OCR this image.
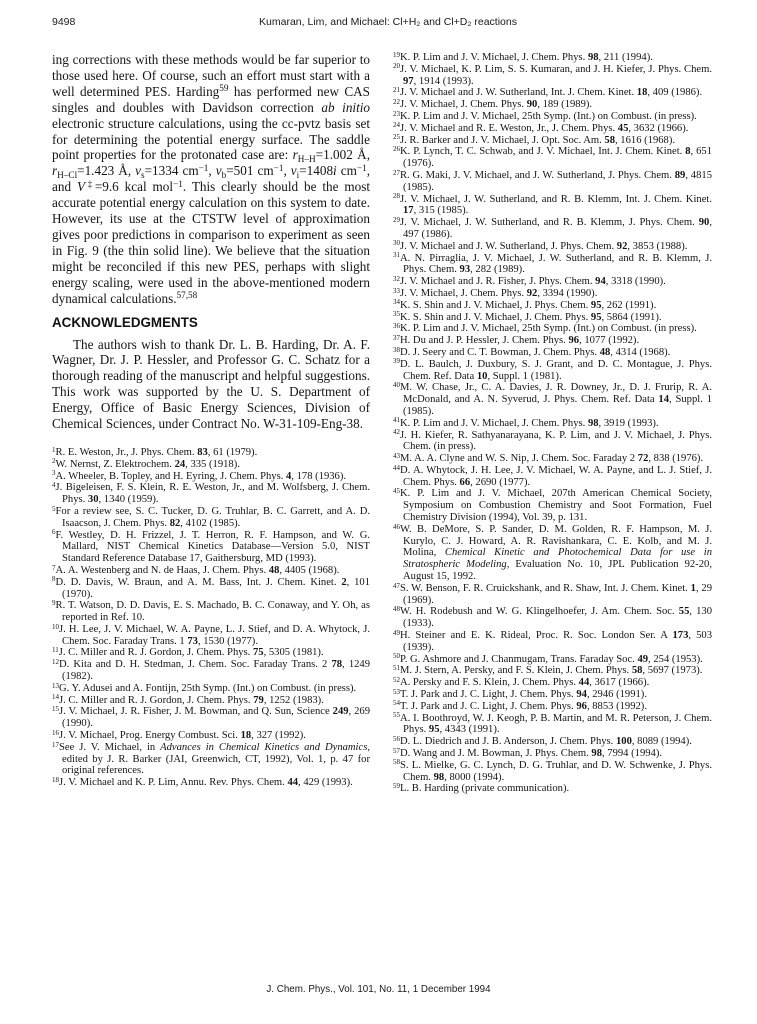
9498	Kumaran, Lim, and Michael: Cl+H₂ and Cl+D₂ reactions

ing corrections with these methods would be far superior to those used here. Of course, such an effort must start with a well determined PES. Harding$^{59}$ has performed new CAS singles and doubles with Davidson correction ab initio electronic structure calculations, using the cc-pvtz basis set for determining the potential energy surface. The saddle point properties for the protonated case are: $r_{H-H}=1.002$ Å, $r_{H-Cl}=1.423$ Å, $\nu_s=1334$ $cm^{-1}$, $\nu_b=501$ $cm^{-1}$, $\nu_i=1408i$ $cm^{-1}$, and V‡=9.6 kcal mol$^{-1}$. This clearly should be the most accurate potential energy calculation on this system to date. However, its use at the CTSTW level of approximation gives poor predictions in comparison to experiment as seen in Fig. 9 (the thin solid line). We believe that the situation might be reconciled if this new PES, perhaps with slight energy scaling, were used in the above-mentioned modern dynamical calculations.$^{57,58}$

ACKNOWLEDGMENTS

The authors wish to thank Dr. L. B. Harding, Dr. A. F. Wagner, Dr. J. P. Hessler, and Professor G. C. Schatz for a thorough reading of the manuscript and helpful suggestions. This work was supported by the U. S. Department of Energy, Office of Basic Energy Sciences, Division of Chemical Sciences, under Contract No. W-31-109-Eng-38.

$^1$R. E. Weston, Jr., J. Phys. Chem. 83, 61 (1979).
$^2$W. Nernst, Z. Elektrochem. 24, 335 (1918).
$^3$A. Wheeler, B. Topley, and H. Eyring, J. Chem. Phys. 4, 178 (1936).
$^4$J. Bigeleisen, F. S. Klein, R. E. Weston, Jr., and M. Wolfsberg, J. Chem. Phys. 30, 1340 (1959).
$^5$For a review see, S. C. Tucker, D. G. Truhlar, B. C. Garrett, and A. D. Isaacson, J. Chem. Phys. 82, 4102 (1985).
$^6$F. Westley, D. H. Frizzel, J. T. Herron, R. F. Hampson, and W. G. Mallard, NIST Chemical Kinetics Database—Version 5.0, NIST Standard Reference Database 17, Gaithersburg, MD (1993).
$^7$A. A. Westenberg and N. de Haas, J. Chem. Phys. 48, 4405 (1968).
$^8$D. D. Davis, W. Braun, and A. M. Bass, Int. J. Chem. Kinet. 2, 101 (1970).
$^9$R. T. Watson, D. D. Davis, E. S. Machado, B. C. Conaway, and Y. Oh, as reported in Ref. 10.
$^{10}$J. H. Lee, J. V. Michael, W. A. Payne, L. J. Stief, and D. A. Whytock, J. Chem. Soc. Faraday Trans. 1 73, 1530 (1977).
$^{11}$J. C. Miller and R. J. Gordon, J. Chem. Phys. 75, 5305 (1981).
$^{12}$D. Kita and D. H. Stedman, J. Chem. Soc. Faraday Trans. 2 78, 1249 (1982).
$^{13}$G. Y. Adusei and A. Fontijn, 25th Symp. (Int.) on Combust. (in press).
$^{14}$J. C. Miller and R. J. Gordon, J. Chem. Phys. 79, 1252 (1983).
$^{15}$J. V. Michael, J. R. Fisher, J. M. Bowman, and Q. Sun, Science 249, 269 (1990).
$^{16}$J. V. Michael, Prog. Energy Combust. Sci. 18, 327 (1992).
$^{17}$See J. V. Michael, in Advances in Chemical Kinetics and Dynamics, edited by J. R. Barker (JAI, Greenwich, CT, 1992), Vol. 1, p. 47 for original references.
$^{18}$J. V. Michael and K. P. Lim, Annu. Rev. Phys. Chem. 44, 429 (1993).
$^{19}$K. P. Lim and J. V. Michael, J. Chem. Phys. 98, 211 (1994).
$^{20}$J. V. Michael, K. P. Lim, S. S. Kumaran, and J. H. Kiefer, J. Phys. Chem. 97, 1914 (1993).
$^{21}$J. V. Michael and J. W. Sutherland, Int. J. Chem. Kinet. 18, 409 (1986).
$^{22}$J. V. Michael, J. Chem. Phys. 90, 189 (1989).
$^{23}$K. P. Lim and J. V. Michael, 25th Symp. (Int.) on Combust. (in press).
$^{24}$J. V. Michael and R. E. Weston, Jr., J. Chem. Phys. 45, 3632 (1966).
$^{25}$J. R. Barker and J. V. Michael, J. Opt. Soc. Am. 58, 1616 (1968).
$^{26}$K. P. Lynch, T. C. Schwab, and J. V. Michael, Int. J. Chem. Kinet. 8, 651 (1976).
$^{27}$R. G. Maki, J. V. Michael, and J. W. Sutherland, J. Phys. Chem. 89, 4815 (1985).
$^{28}$J. V. Michael, J. W. Sutherland, and R. B. Klemm, Int. J. Chem. Kinet. 17, 315 (1985).
$^{29}$J. V. Michael, J. W. Sutherland, and R. B. Klemm, J. Phys. Chem. 90, 497 (1986).
$^{30}$J. V. Michael and J. W. Sutherland, J. Phys. Chem. 92, 3853 (1988).
$^{31}$A. N. Pirraglia, J. V. Michael, J. W. Sutherland, and R. B. Klemm, J. Phys. Chem. 93, 282 (1989).
$^{32}$J. V. Michael and J. R. Fisher, J. Phys. Chem. 94, 3318 (1990).
$^{33}$J. V. Michael, J. Chem. Phys. 92, 3394 (1990).
$^{34}$K. S. Shin and J. V. Michael, J. Phys. Chem. 95, 262 (1991).
$^{35}$K. S. Shin and J. V. Michael, J. Chem. Phys. 95, 5864 (1991).
$^{36}$K. P. Lim and J. V. Michael, 25th Symp. (Int.) on Combust. (in press).
$^{37}$H. Du and J. P. Hessler, J. Chem. Phys. 96, 1077 (1992).
$^{38}$D. J. Seery and C. T. Bowman, J. Chem. Phys. 48, 4314 (1968).
$^{39}$D. L. Baulch, J. Duxbury, S. J. Grant, and D. C. Montague, J. Phys. Chem. Ref. Data 10, Suppl. 1 (1981).
$^{40}$M. W. Chase, Jr., C. A. Davies, J. R. Downey, Jr., D. J. Frurip, R. A. McDonald, and A. N. Syverud, J. Phys. Chem. Ref. Data 14, Suppl. 1 (1985).
$^{41}$K. P. Lim and J. V. Michael, J. Chem. Phys. 98, 3919 (1993).
$^{42}$J. H. Kiefer, R. Sathyanarayana, K. P. Lim, and J. V. Michael, J. Phys. Chem. (in press).
$^{43}$M. A. A. Clyne and W. S. Nip, J. Chem. Soc. Faraday 2 72, 838 (1976).
$^{44}$D. A. Whytock, J. H. Lee, J. V. Michael, W. A. Payne, and L. J. Stief, J. Chem. Phys. 66, 2690 (1977).
$^{45}$K. P. Lim and J. V. Michael, 207th American Chemical Society, Symposium on Combustion Chemistry and Soot Formation, Fuel Chemistry Division (1994), Vol. 39, p. 131.
$^{46}$W. B. DeMore, S. P. Sander, D. M. Golden, R. F. Hampson, M. J. Kurylo, C. J. Howard, A. R. Ravishankara, C. E. Kolb, and M. J. Molina, Chemical Kinetic and Photochemical Data for use in Stratospheric Modeling, Evaluation No. 10, JPL Publication 92-20, August 15, 1992.
$^{47}$S. W. Benson, F. R. Cruickshank, and R. Shaw, Int. J. Chem. Kinet. 1, 29 (1969).
$^{48}$W. H. Rodebush and W. G. Klingelhoefer, J. Am. Chem. Soc. 55, 130 (1933).
$^{49}$H. Steiner and E. K. Rideal, Proc. R. Soc. London Ser. A 173, 503 (1939).
$^{50}$P. G. Ashmore and J. Chanmugam, Trans. Faraday Soc. 49, 254 (1953).
$^{51}$M. J. Stern, A. Persky, and F. S. Klein, J. Chem. Phys. 58, 5697 (1973).
$^{52}$A. Persky and F. S. Klein, J. Chem. Phys. 44, 3617 (1966).
$^{53}$T. J. Park and J. C. Light, J. Chem. Phys. 94, 2946 (1991).
$^{54}$T. J. Park and J. C. Light, J. Chem. Phys. 96, 8853 (1992).
$^{55}$A. I. Boothroyd, W. J. Keogh, P. B. Martin, and M. R. Peterson, J. Chem. Phys. 95, 4343 (1991).
$^{56}$D. L. Diedrich and J. B. Anderson, J. Chem. Phys. 100, 8089 (1994).
$^{57}$D. Wang and J. M. Bowman, J. Phys. Chem. 98, 7994 (1994).
$^{58}$S. L. Mielke, G. C. Lynch, D. G. Truhlar, and D. W. Schwenke, J. Phys. Chem. 98, 8000 (1994).
$^{59}$L. B. Harding (private communication).
J. Chem. Phys., Vol. 101, No. 11, 1 December 1994
